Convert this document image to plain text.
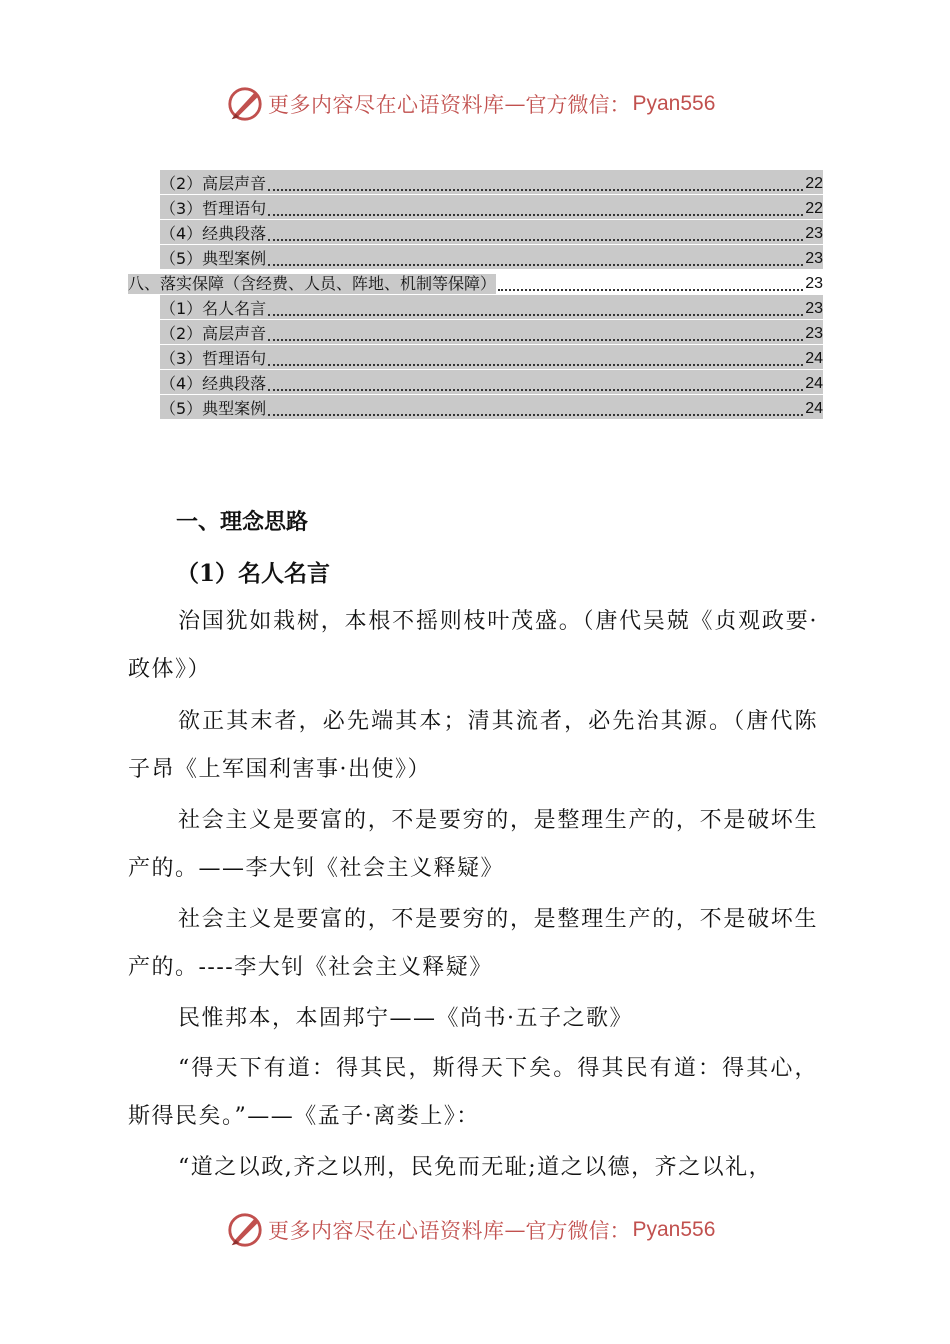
更多内容尽在心语资料库 — 官方微信： Pyan556
（2）高层声音	22
（3）哲理语句	22
（4）经典段落	23
（5）典型案例	23
八、落实保障（含经费、人员、阵地、机制等保障）	23
（1）名人名言	23
（2）高层声音	23
（3）哲理语句	24
（4）经典段落	24
（5）典型案例	24
一、理念思路
（1）名人名言

治国犹如栽树，本根不摇则枝叶茂盛。（唐代吴兢《贞观政要·政体》）

欲正其末者，必先端其本；清其流者，必先治其源。（唐代陈子昂《上军国利害事·出使》）

社会主义是要富的，不是要穷的，是整理生产的，不是破坏生产的。——李大钊《社会主义释疑》

社会主义是要富的，不是要穷的，是整理生产的，不是破坏生产的。----李大钊《社会主义释疑》

民惟邦本，本固邦宁——《尚书·五子之歌》

“得天下有道：得其民，斯得天下矣。得其民有道：得其心，斯得民矣。”——《孟子·离娄上》：

“道之以政,齐之以刑，民免而无耻;道之以德，齐之以礼，

更多内容尽在心语资料库 — 官方微信： Pyan556
